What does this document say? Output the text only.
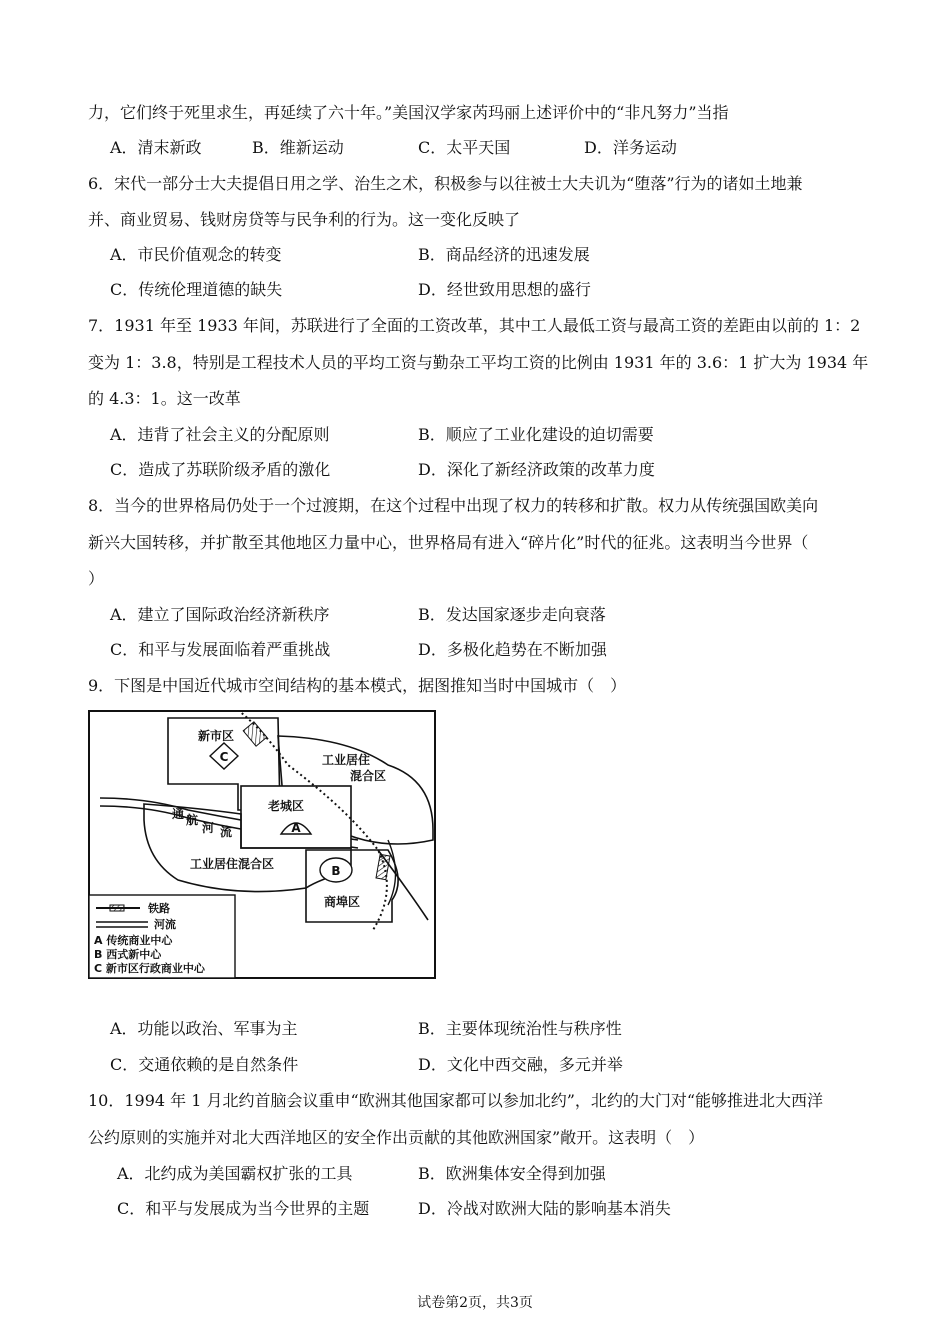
力，它们终于死里求生，再延续了六十年。”美国汉学家芮玛丽上述评价中的“非凡努力”当指
A．清末新政	B．维新运动	C．太平天国	D．洋务运动
6．宋代一部分士大夫提倡日用之学、治生之术，积极参与以往被士大夫讥为“堕落”行为的诸如土地兼
并、商业贸易、钱财房贷等与民争利的行为。这一变化反映了
A．市民价值观念的转变	B．商品经济的迅速发展
C．传统伦理道德的缺失	D．经世致用思想的盛行
7．1931 年至 1933 年间，苏联进行了全面的工资改革，其中工人最低工资与最高工资的差距由以前的 1：2
变为 1：3.8，特别是工程技术人员的平均工资与勤杂工平均工资的比例由 1931 年的 3.6：1 扩大为 1934 年
的 4.3：1。这一改革
A．违背了社会主义的分配原则	B．顺应了工业化建设的迫切需要
C．造成了苏联阶级矛盾的激化	D．深化了新经济政策的改革力度
8．当今的世界格局仍处于一个过渡期，在这个过程中出现了权力的转移和扩散。权力从传统强国欧美向
新兴大国转移，并扩散至其他地区力量中心，世界格局有进入“碎片化”时代的征兆。这表明当今世界（
）
A．建立了国际政治经济新秩序	B．发达国家逐步走向衰落
C．和平与发展面临着严重挑战	D．多极化趋势在不断加强
9．下图是中国近代城市空间结构的基本模式，据图推知当时中国城市（　）
C
A
B
新市区
工业居住
混合区
老城区
通 航
河 流
工业居住混合区
商埠区
铁路
河流
A 传统商业中心
B 西式新中心
C 新市区行政商业中心
A．功能以政治、军事为主	B．主要体现统治性与秩序性
C．交通依赖的是自然条件	D．文化中西交融，多元并举
10．1994 年 1 月北约首脑会议重申“欧洲其他国家都可以参加北约”，北约的大门对“能够推进北大西洋
公约原则的实施并对北大西洋地区的安全作出贡献的其他欧洲国家”敞开。这表明（　）
A．北约成为美国霸权扩张的工具	B．欧洲集体安全得到加强
C．和平与发展成为当今世界的主题	D．冷战对欧洲大陆的影响基本消失
试卷第2页，共3页
